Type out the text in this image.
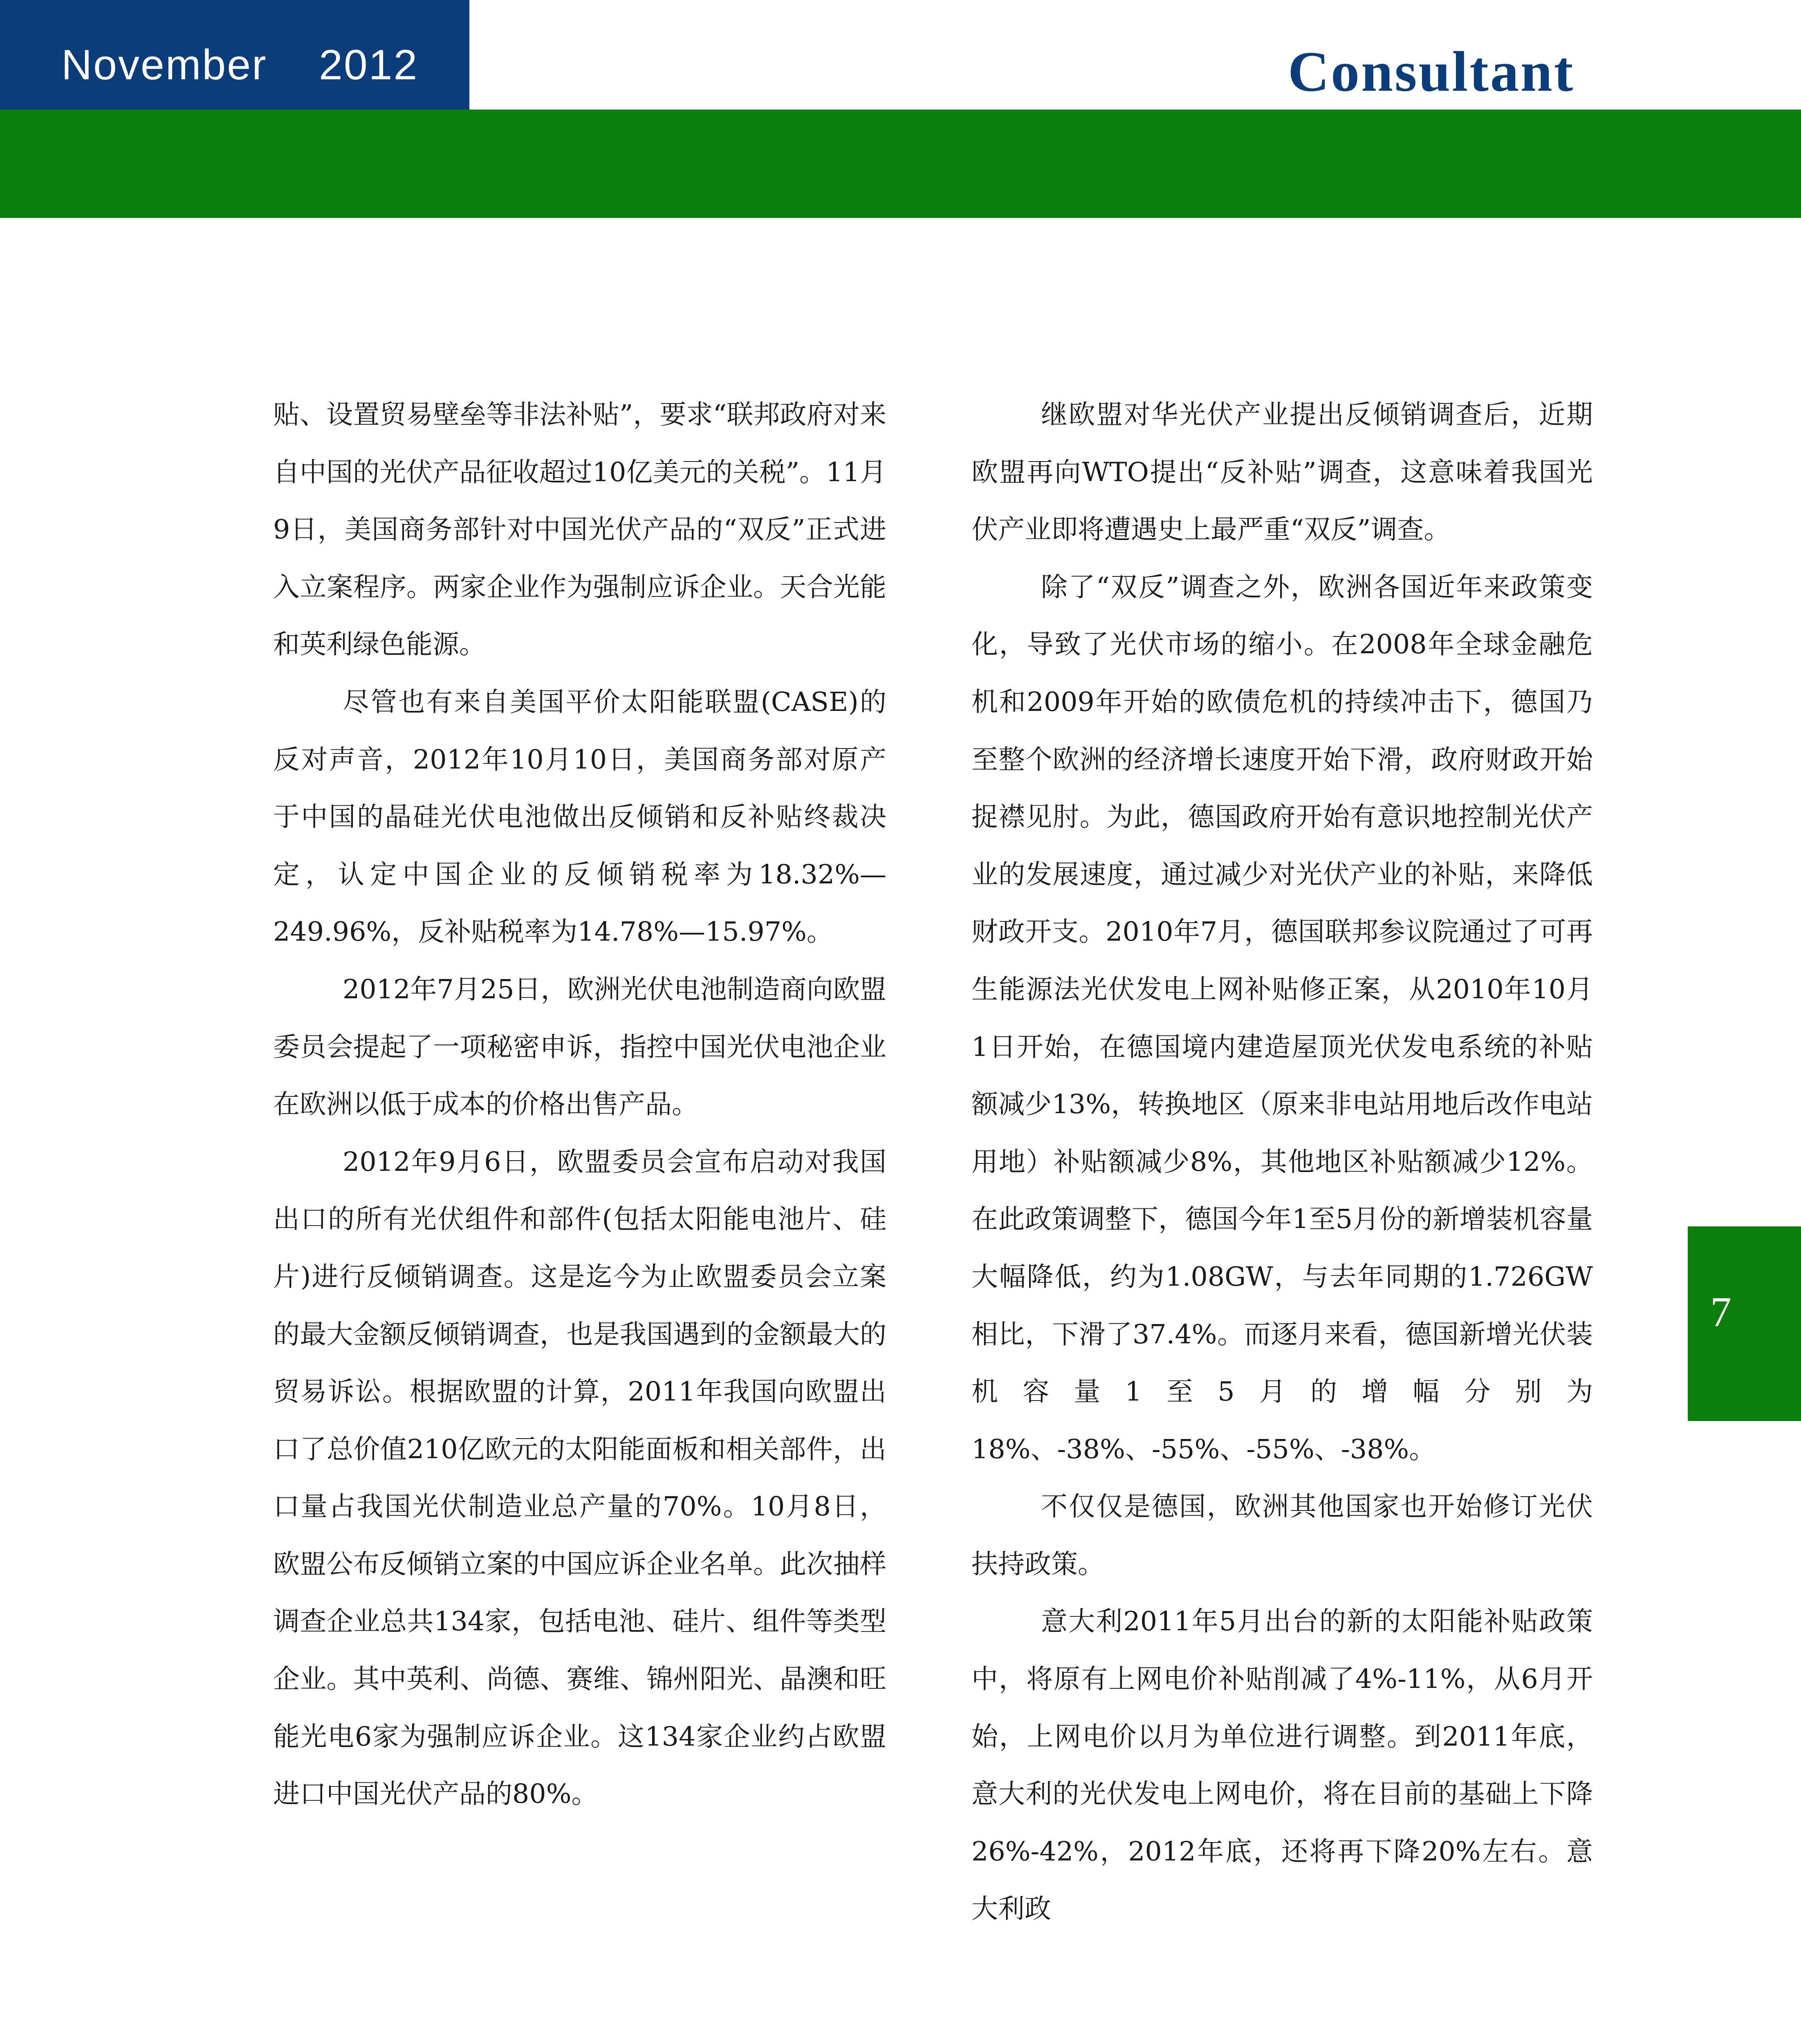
November 2012	Consultant

贴、设置贸易壁垒等非法补贴”，要求“联邦政府对来自中国的光伏产品征收超过10亿美元的关税”。11月9日，美国商务部针对中国光伏产品的“双反”正式进入立案程序。两家企业作为强制应诉企业。天合光能和英利绿色能源。

尽管也有来自美国平价太阳能联盟(CASE)的反对声音，2012年10月10日，美国商务部对原产于中国的晶硅光伏电池做出反倾销和反补贴终裁决定，认定中国企业的反倾销税率为18.32%—249.96%，反补贴税率为14.78%—15.97%。

2012年7月25日，欧洲光伏电池制造商向欧盟委员会提起了一项秘密申诉，指控中国光伏电池企业在欧洲以低于成本的价格出售产品。

2012年9月6日，欧盟委员会宣布启动对我国出口的所有光伏组件和部件(包括太阳能电池片、硅片)进行反倾销调查。这是迄今为止欧盟委员会立案的最大金额反倾销调查，也是我国遇到的金额最大的贸易诉讼。根据欧盟的计算，2011年我国向欧盟出口了总价值210亿欧元的太阳能面板和相关部件，出口量占我国光伏制造业总产量的70%。10月8日，欧盟公布反倾销立案的中国应诉企业名单。此次抽样调查企业总共134家，包括电池、硅片、组件等类型企业。其中英利、尚德、赛维、锦州阳光、晶澳和旺能光电6家为强制应诉企业。这134家企业约占欧盟进口中国光伏产品的80%。

继欧盟对华光伏产业提出反倾销调查后，近期欧盟再向WTO提出“反补贴”调查，这意味着我国光伏产业即将遭遇史上最严重“双反”调查。

除了“双反”调查之外，欧洲各国近年来政策变化，导致了光伏市场的缩小。在2008年全球金融危机和2009年开始的欧债危机的持续冲击下，德国乃至整个欧洲的经济增长速度开始下滑，政府财政开始捉襟见肘。为此，德国政府开始有意识地控制光伏产业的发展速度，通过减少对光伏产业的补贴，来降低财政开支。2010年7月，德国联邦参议院通过了可再生能源法光伏发电上网补贴修正案，从2010年10月1日开始，在德国境内建造屋顶光伏发电系统的补贴额减少13%，转换地区（原来非电站用地后改作电站用地）补贴额减少8%，其他地区补贴额减少12%。在此政策调整下，德国今年1至5月份的新增装机容量大幅降低，约为1.08GW，与去年同期的1.726GW相比，下滑了37.4%。而逐月来看，德国新增光伏装机容量1至5月的增幅分别为18%、-38%、-55%、-55%、-38%。

不仅仅是德国，欧洲其他国家也开始修订光伏扶持政策。

意大利2011年5月出台的新的太阳能补贴政策中，将原有上网电价补贴削减了4%-11%，从6月开始，上网电价以月为单位进行调整。到2011年底，意大利的光伏发电上网电价，将在目前的基础上下降26%-42%，2012年底，还将再下降20%左右。意大利政

7
